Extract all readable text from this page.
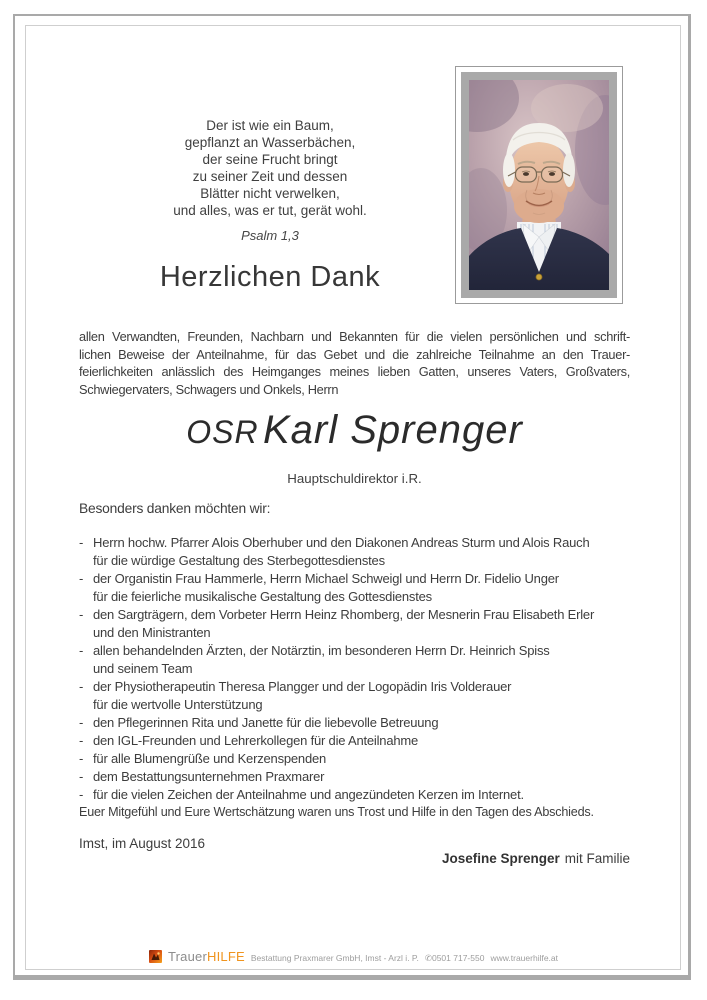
Der ist wie ein Baum,
gepflanzt an Wasserbächen,
der seine Frucht bringt
zu seiner Zeit und dessen
Blätter nicht verwelken,
und alles, was er tut, gerät wohl.
Psalm 1,3
Herzlichen Dank
allen Verwandten, Freunden, Nachbarn und Bekannten für die vielen persönlichen und schrift-
lichen Beweise der Anteilnahme, für das Gebet und die zahlreiche Teilnahme an den Trauer-
feierlichkeiten anlässlich des Heimganges meines lieben Gatten, unseres Vaters, Großvaters,
Schwiegervaters, Schwagers und Onkels, Herrn
OSR Karl Sprenger
Hauptschuldirektor i.R.
Besonders danken möchten wir:
- Herrn hochw. Pfarrer Alois Oberhuber und den Diakonen Andreas Sturm und Alois Rauch
für die würdige Gestaltung des Sterbegottesdienstes
- der Organistin Frau Hammerle, Herrn Michael Schweigl und Herrn Dr. Fidelio Unger
für die feierliche musikalische Gestaltung des Gottesdienstes
- den Sargträgern, dem Vorbeter Herrn Heinz Rhomberg, der Mesnerin Frau Elisabeth Erler
und den Ministranten
- allen behandelnden Ärzten, der Notärztin, im besonderen Herrn Dr. Heinrich Spiss
und seinem Team
- der Physiotherapeutin Theresa Plangger und der Logopädin Iris Volderauer
für die wertvolle Unterstützung
- den Pflegerinnen Rita und Janette für die liebevolle Betreuung
- den IGL-Freunden und Lehrerkollegen für die Anteilnahme
- für alle Blumengrüße und Kerzenspenden
- dem Bestattungsunternehmen Praxmarer
- für die vielen Zeichen der Anteilnahme und angezündeten Kerzen im Internet.
Euer Mitgefühl und Eure Wertschätzung waren uns Trost und Hilfe in den Tagen des Abschieds.
Imst, im August 2016
Josefine Sprenger mit Familie
TrauerHILFE Bestattung Praxmarer GmbH, Imst - Arzl i. P. ✆0501 717-550 www.trauerhilfe.at
